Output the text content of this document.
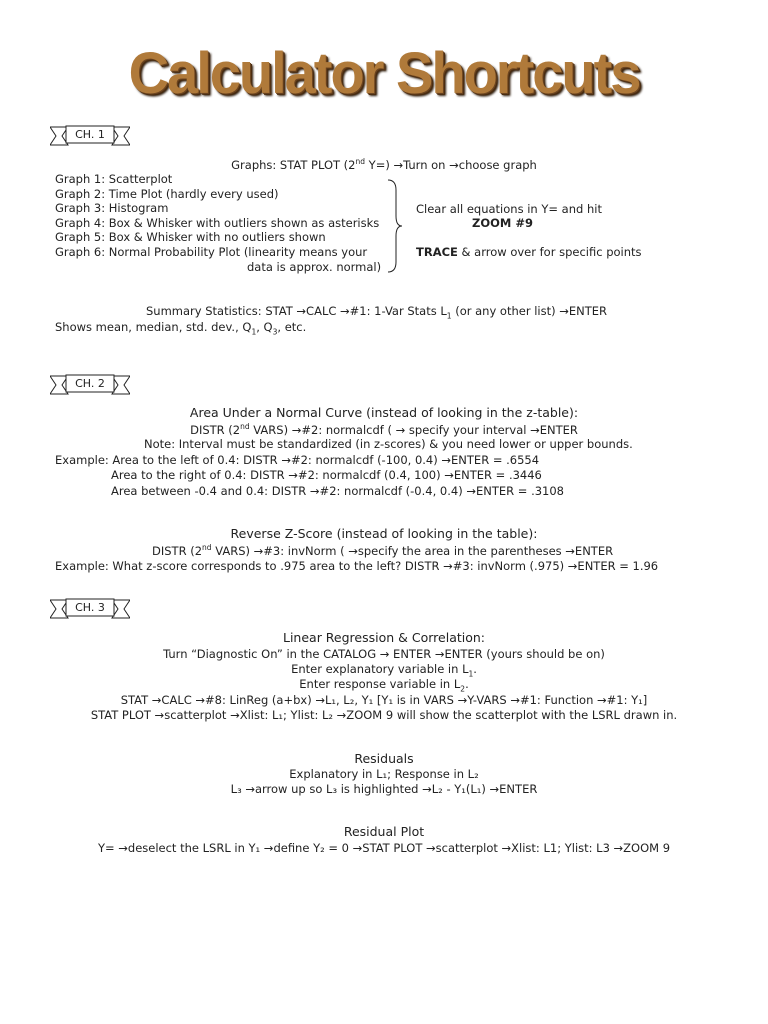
Calculator Shortcuts
CH. 1
Graphs: STAT PLOT (2nd Y=) →Turn on →choose graph
Graph 1: Scatterplot
Graph 2: Time Plot (hardly every used)
Graph 3: Histogram
Graph 4: Box & Whisker with outliers shown as asterisks
Graph 5: Box & Whisker with no outliers shown
Graph 6: Normal Probability Plot (linearity means your
data is approx. normal)
Clear all equations in Y= and hit
ZOOM #9
TRACE & arrow over for specific points
Summary Statistics: STAT →CALC →#1: 1-Var Stats $L_1$ (or any other list) →ENTER
Shows mean, median, std. dev., $Q_1$, $Q_3$, etc.
CH. 2
Area Under a Normal Curve (instead of looking in the z-table):
DISTR (2nd VARS) →#2: normalcdf ( → specify your interval →ENTER
Note: Interval must be standardized (in z-scores) & you need lower or upper bounds.
Example: Area to the left of 0.4: DISTR →#2: normalcdf (-100, 0.4) →ENTER = .6554
Area to the right of 0.4: DISTR →#2: normalcdf (0.4, 100) →ENTER = .3446
Area between -0.4 and 0.4: DISTR →#2: normalcdf (-0.4, 0.4) →ENTER = .3108
Reverse Z-Score (instead of looking in the table):
DISTR (2nd VARS) →#3: invNorm ( →specify the area in the parentheses →ENTER
Example: What z-score corresponds to .975 area to the left? DISTR →#3: invNorm (.975) →ENTER = 1.96
CH. 3
Linear Regression & Correlation:
Turn “Diagnostic On” in the CATALOG → ENTER →ENTER (yours should be on)
Enter explanatory variable in $L_1$.
Enter response variable in $L_2$.
STAT →CALC →#8: LinReg (a+bx) →L₁, L₂, Y₁ [Y₁ is in VARS →Y-VARS →#1: Function →#1: Y₁]
STAT PLOT →scatterplot →Xlist: L₁; Ylist: L₂ →ZOOM 9 will show the scatterplot with the LSRL drawn in.
Residuals
Explanatory in L₁; Response in L₂
L₃ →arrow up so L₃ is highlighted →L₂ - Y₁(L₁) →ENTER
Residual Plot
Y= →deselect the LSRL in Y₁ →define Y₂ = 0 →STAT PLOT →scatterplot →Xlist: L1; Ylist: L3 →ZOOM 9
